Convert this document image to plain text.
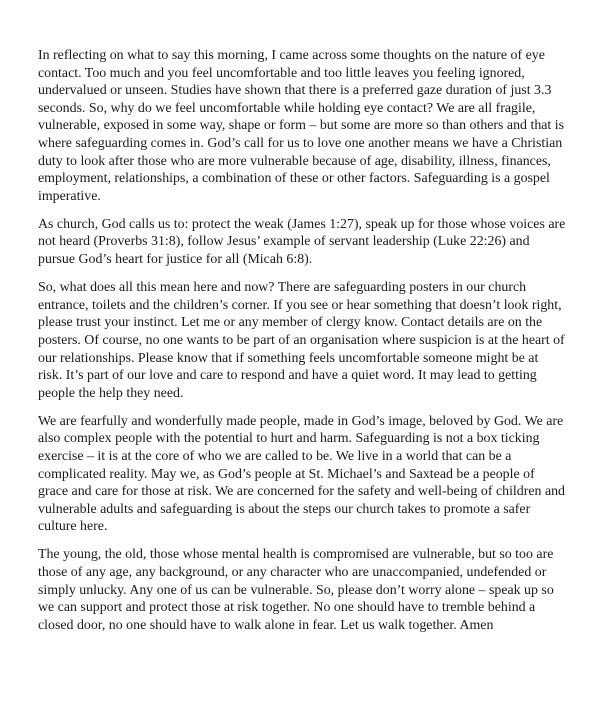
In reflecting on what to say this morning, I came across some thoughts on the nature of eye contact. Too much and you feel uncomfortable and too little leaves you feeling ignored, undervalued or unseen. Studies have shown that there is a preferred gaze duration of just 3.3 seconds. So, why do we feel uncomfortable while holding eye contact? We are all fragile, vulnerable, exposed in some way, shape or form – but some are more so than others and that is where safeguarding comes in. God’s call for us to love one another means we have a Christian duty to look after those who are more vulnerable because of age, disability, illness, finances, employment, relationships, a combination of these or other factors. Safeguarding is a gospel imperative.

As church, God calls us to: protect the weak (James 1:27), speak up for those whose voices are not heard (Proverbs 31:8), follow Jesus’ example of servant leadership (Luke 22:26) and pursue God’s heart for justice for all (Micah 6:8).

So, what does all this mean here and now? There are safeguarding posters in our church entrance, toilets and the children’s corner. If you see or hear something that doesn’t look right, please trust your instinct. Let me or any member of clergy know. Contact details are on the posters. Of course, no one wants to be part of an organisation where suspicion is at the heart of our relationships. Please know that if something feels uncomfortable someone might be at risk. It’s part of our love and care to respond and have a quiet word. It may lead to getting people the help they need.

We are fearfully and wonderfully made people, made in God’s image, beloved by God. We are also complex people with the potential to hurt and harm. Safeguarding is not a box ticking exercise – it is at the core of who we are called to be. We live in a world that can be a complicated reality. May we, as God’s people at St. Michael’s and Saxtead be a people of grace and care for those at risk. We are concerned for the safety and well-being of children and vulnerable adults and safeguarding is about the steps our church takes to promote a safer culture here.

The young, the old, those whose mental health is compromised are vulnerable, but so too are those of any age, any background, or any character who are unaccompanied, undefended or simply unlucky. Any one of us can be vulnerable. So, please don’t worry alone – speak up so we can support and protect those at risk together. No one should have to tremble behind a closed door, no one should have to walk alone in fear. Let us walk together. Amen
